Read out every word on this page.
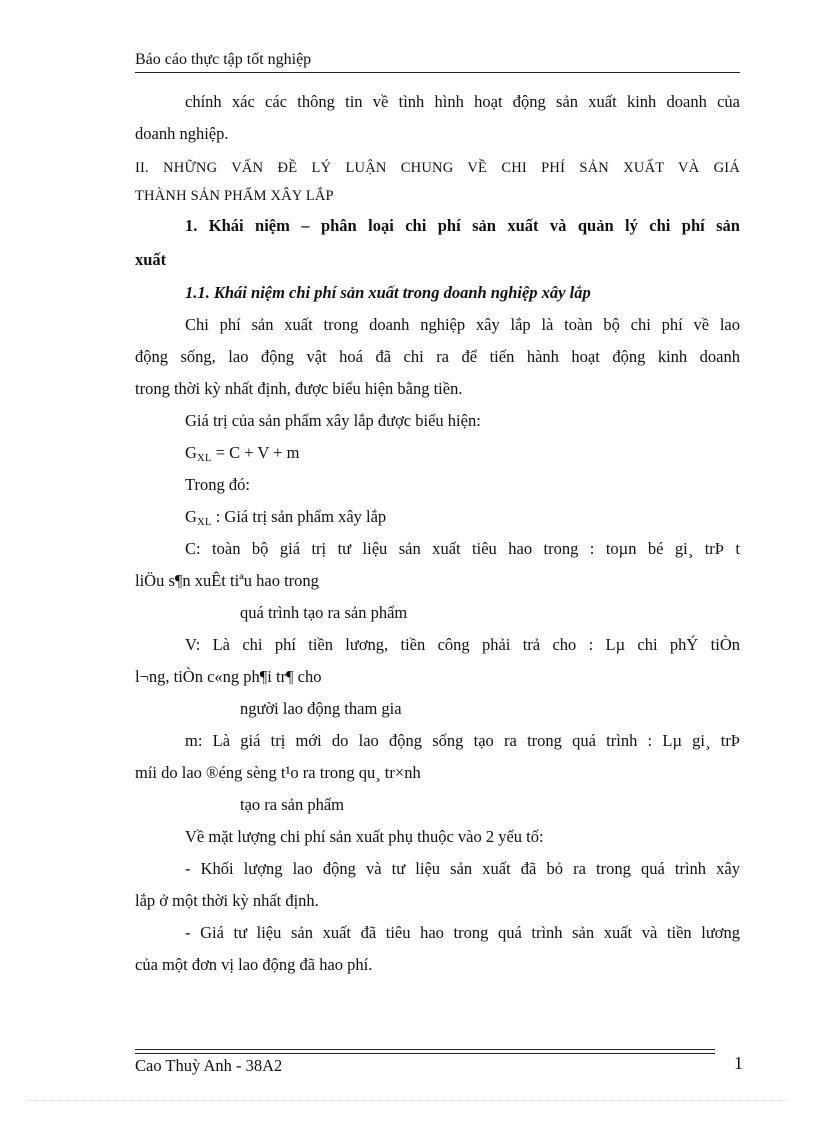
Báo cáo thực tập tốt nghiệp
chính xác các thông tin về tình hình hoạt động sản xuất kinh doanh của
doanh nghiệp.
II. NHỮNG VẤN ĐỀ LÝ LUẬN CHUNG VỀ CHI PHÍ SẢN XUẤT VÀ GIÁ
THÀNH SẢN PHẨM XÂY LẮP
1. Khái niệm – phân loại chi phí sản xuất và quản lý chi phí sản
xuất
1.1. Khái niệm chi phí sản xuất trong doanh nghiệp xây lắp
Chi phí sản xuất trong doanh nghiệp xây lắp là toàn bộ chi phí về lao
động sống, lao động vật hoá đã chi ra để tiến hành hoạt động kinh doanh
trong thời kỳ nhất định, được biểu hiện bằng tiền.
Giá trị của sản phẩm xây lắp được biểu hiện:
$G_{XL} = C + V + m$
Trong đó:
$G_{XL}$ : Giá trị sản phẩm xây lắp
C: toàn bộ giá trị tư liệu sản xuất tiêu hao trong : toµn bé gi¸ trÞ t
liÖu s¶n xuÊt tiªu hao trong
quá trình tạo ra sản phẩm
V: Là chi phí tiền lương, tiền công phải trả cho : Lµ chi phÝ tiÒn
l¬ng, tiÒn c«ng ph¶i tr¶ cho
người lao động tham gia
m: Là giá trị mới do lao động sống tạo ra trong quá trình : Lµ gi¸ trÞ
míi do lao ®éng sèng t¹o ra trong qu¸ tr×nh
tạo ra sản phẩm
Về mặt lượng chi phí sản xuất phụ thuộc vào 2 yếu tố:
- Khối lượng lao động và tư liệu sản xuất đã bỏ ra trong quá trình xây
lắp ở một thời kỳ nhất định.
- Giá tư liệu sản xuất đã tiêu hao trong quá trình sản xuất và tiền lương
của một đơn vị lao động đã hao phí.
Cao Thuỳ Anh - 38A2	1
